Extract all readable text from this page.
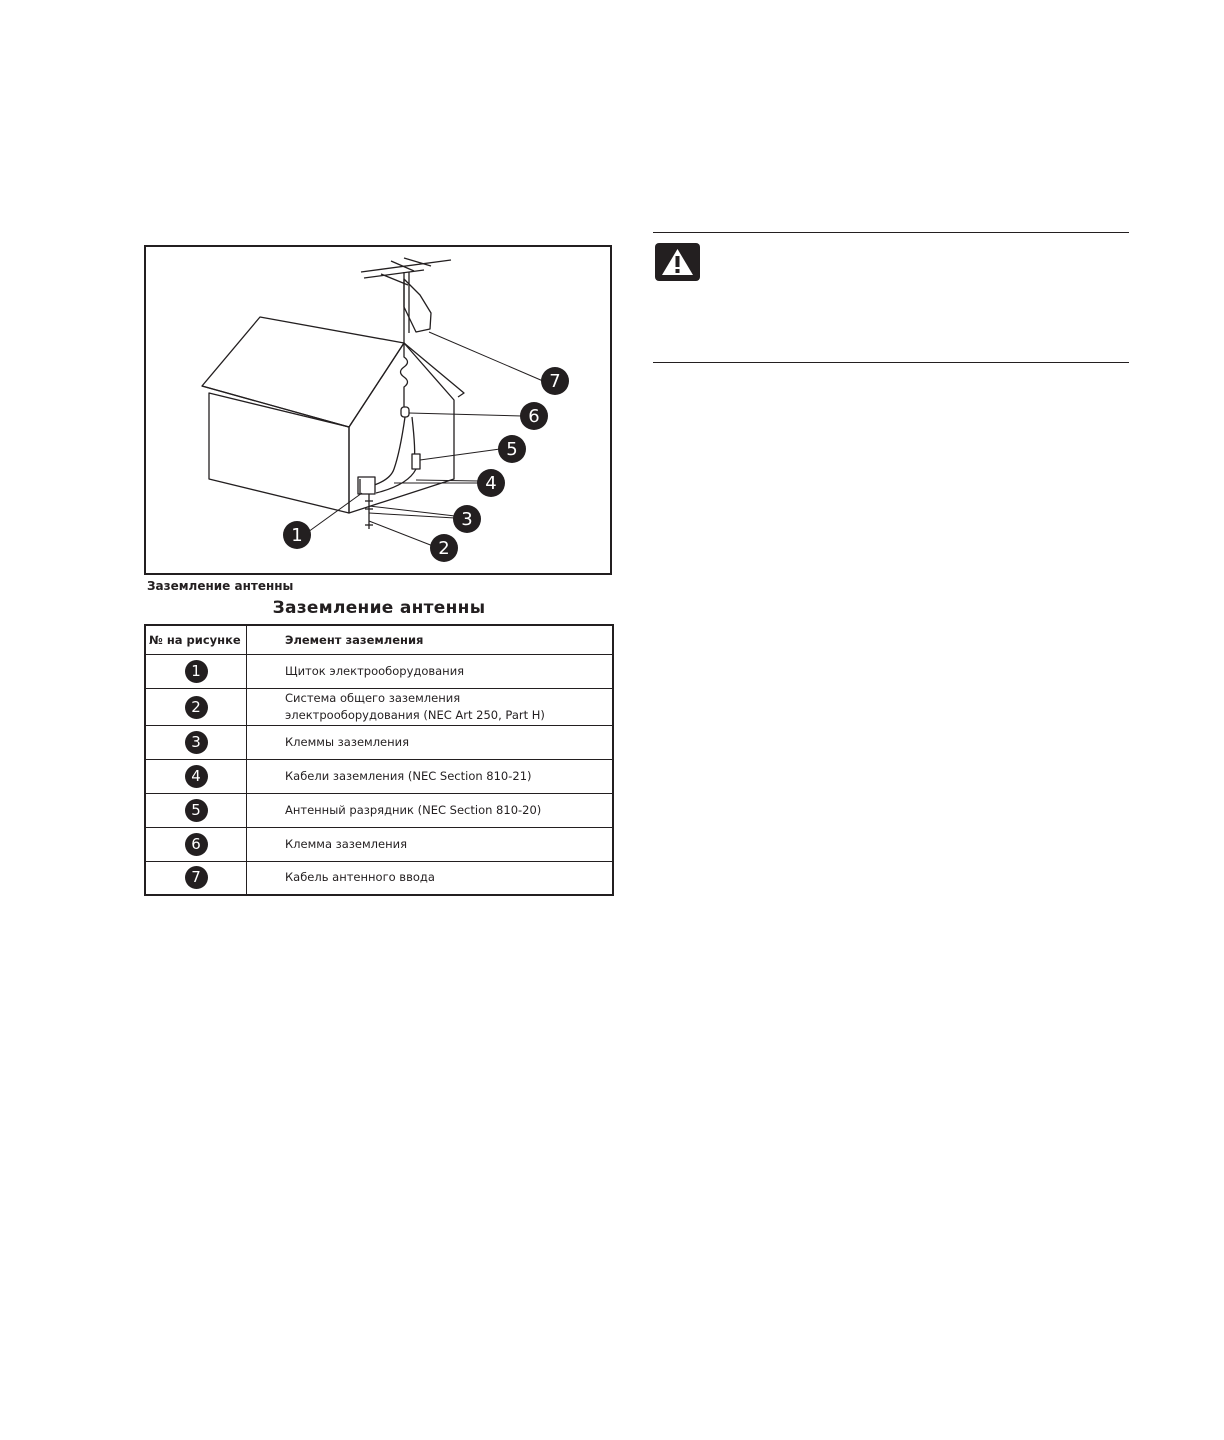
1
2
3
4
5
6
7
Заземление антенны
Заземление антенны
№ на рисунке	Элемент заземления
1	Щиток электрооборудования
2	Система общего заземления электрооборудования (NEC Art 250, Part H)
3	Клеммы заземления
4	Кабели заземления (NEC Section 810-21)
5	Антенный разрядник (NEC Section 810-20)
6	Клемма заземления
7	Кабель антенного ввода
